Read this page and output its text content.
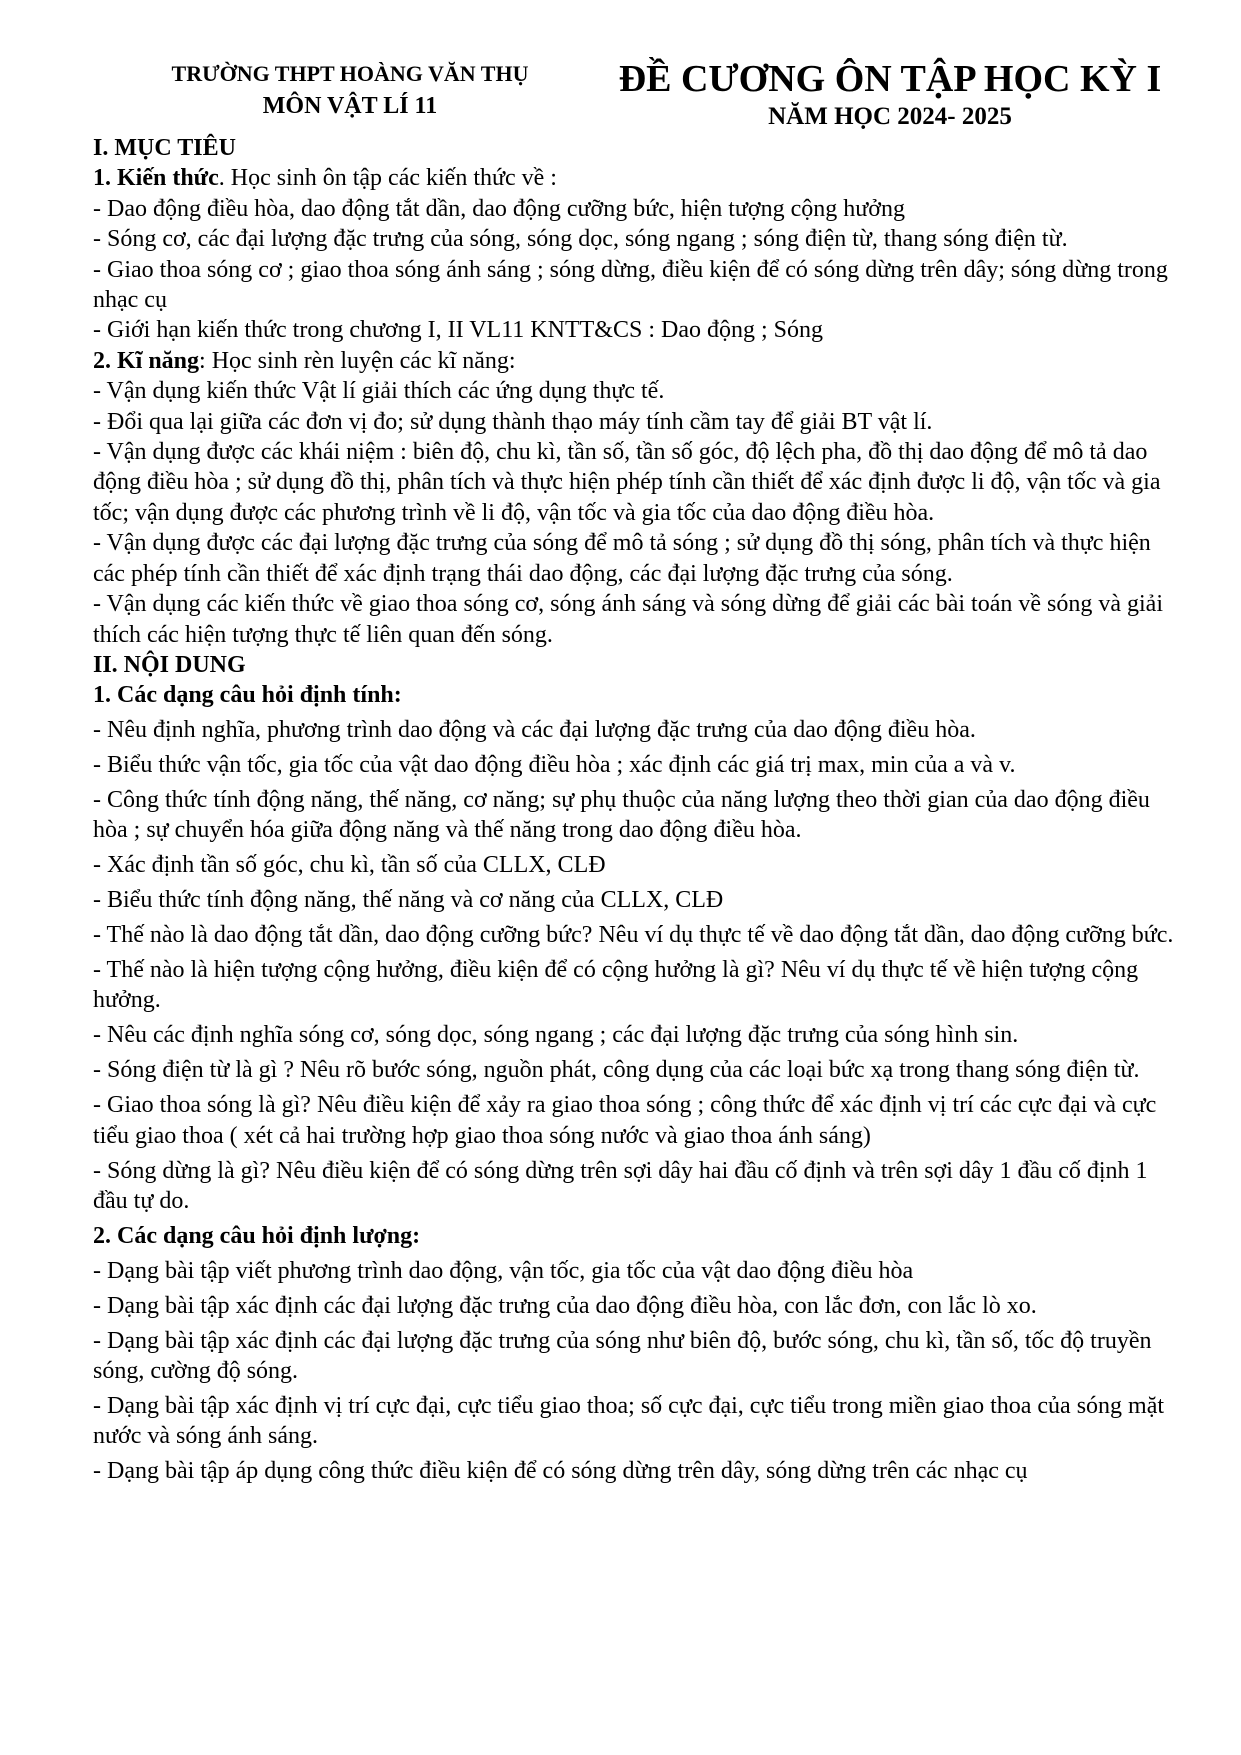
TRƯỜNG THPT HOÀNG VĂN THỤ
MÔN VẬT LÍ 11
ĐỀ CƯƠNG ÔN TẬP HỌC KỲ I
NĂM HỌC 2024- 2025

I. MỤC TIÊU

1. Kiến thức. Học sinh ôn tập các kiến thức về :

- Dao động điều hòa, dao động tắt dần, dao động cưỡng bức, hiện tượng cộng hưởng

- Sóng cơ, các đại lượng đặc trưng của sóng, sóng dọc, sóng ngang ; sóng điện từ, thang sóng điện từ.

- Giao thoa sóng cơ ; giao thoa sóng ánh sáng ; sóng dừng, điều kiện để có sóng dừng trên dây; sóng dừng trong nhạc cụ

- Giới hạn kiến thức trong chương I, II VL11 KNTT&CS : Dao động ; Sóng

2. Kĩ năng: Học sinh rèn luyện các kĩ năng:

- Vận dụng kiến thức Vật lí giải thích các ứng dụng thực tế.

- Đổi qua lại giữa các đơn vị đo; sử dụng thành thạo máy tính cầm tay để giải BT vật lí.

- Vận dụng được các khái niệm : biên độ, chu kì, tần số, tần số góc, độ lệch pha, đồ thị dao động để mô tả dao động điều hòa ; sử dụng đồ thị, phân tích và thực hiện phép tính cần thiết để xác định được li độ, vận tốc và gia tốc; vận dụng được các phương trình về li độ, vận tốc và gia tốc của dao động điều hòa.

- Vận dụng được các đại lượng đặc trưng của sóng để mô tả sóng ; sử dụng đồ thị sóng, phân tích và thực hiện các phép tính cần thiết để xác định trạng thái dao động, các đại lượng đặc trưng của sóng.

- Vận dụng các kiến thức về giao thoa sóng cơ, sóng ánh sáng và sóng dừng để giải các bài toán về sóng và giải thích các hiện tượng thực tế liên quan đến sóng.

II. NỘI DUNG

1. Các dạng câu hỏi định tính:

- Nêu định nghĩa, phương trình dao động và các đại lượng đặc trưng của dao động điều hòa.

- Biểu thức vận tốc, gia tốc của vật dao động điều hòa ; xác định các giá trị max, min của a và v.

- Công thức tính động năng, thế năng, cơ năng; sự phụ thuộc của năng lượng theo thời gian của dao động điều hòa ; sự chuyển hóa giữa động năng và thế năng trong dao động điều hòa.

- Xác định tần số góc, chu kì, tần số của CLLX, CLĐ

- Biểu thức tính động năng, thế năng và cơ năng của CLLX, CLĐ

- Thế nào là dao động tắt dần, dao động cưỡng bức? Nêu ví dụ thực tế về dao động tắt dần, dao động cưỡng bức.

- Thế nào là hiện tượng cộng hưởng, điều kiện để có cộng hưởng là gì? Nêu ví dụ thực tế về hiện tượng cộng hưởng.

- Nêu các định nghĩa sóng cơ, sóng dọc, sóng ngang ; các đại lượng đặc trưng của sóng hình sin.

- Sóng điện từ là gì ? Nêu rõ bước sóng, nguồn phát, công dụng của các loại bức xạ trong thang sóng điện từ.

- Giao thoa sóng là gì? Nêu điều kiện để xảy ra giao thoa sóng ; công thức để xác định vị trí các cực đại và cực tiểu giao thoa ( xét cả hai trường hợp giao thoa sóng nước và giao thoa ánh sáng)

- Sóng dừng là gì? Nêu điều kiện để có sóng dừng trên sợi dây hai đầu cố định và trên sợi dây 1 đầu cố định 1 đầu tự do.

2. Các dạng câu hỏi định lượng:

- Dạng bài tập viết phương trình dao động, vận tốc, gia tốc của vật dao động điều hòa

- Dạng bài tập xác định các đại lượng đặc trưng của dao động điều hòa, con lắc đơn, con lắc lò xo.

- Dạng bài tập xác định các đại lượng đặc trưng của sóng như biên độ, bước sóng, chu kì, tần số, tốc độ truyền sóng, cường độ sóng.

- Dạng bài tập xác định vị trí cực đại, cực tiểu giao thoa; số cực đại, cực tiểu trong miền giao thoa của sóng mặt nước và sóng ánh sáng.

- Dạng bài tập áp dụng công thức điều kiện để có sóng dừng trên dây, sóng dừng trên các nhạc cụ
